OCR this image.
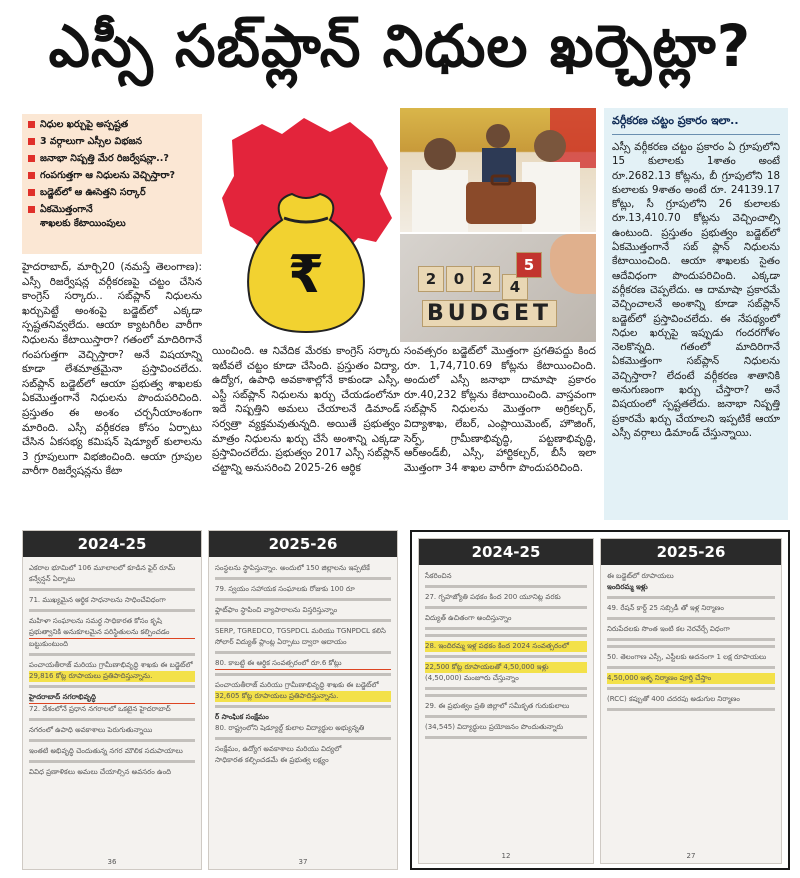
ఎస్సీ సబ్‌ప్లాన్ నిధుల ఖర్చెట్లా?
నిధుల ఖర్చుపై అస్పష్టత
3 వర్గాలుగా ఎస్సీల విభజన
జనాభా నిష్పత్తి మేర రిజర్వేషన్లా..?
గంపగుత్తగా ఆ నిధులను వెచ్చిస్తారా?
బడ్జెట్‌లో ఆ ఊసెత్తని సర్కార్
ఏకమొత్తంగానే
శాఖలకు కేటాయింపులు
₹	2	0	2	4
5
BUDGET
వర్గీకరణ చట్టం ప్రకారం ఇలా..

ఎస్సీ వర్గీకరణ చట్టం ప్రకారం ఏ గ్రూపులోని 15 కులాలకు 1శాతం అంటే రూ.2682.13 కోట్లను, బీ గ్రూపులోని 18 కులాలకు 9శాతం అంటే రూ. 24139.17 కోట్లు, సీ గ్రూపులోని 26 కులాలకు రూ.13,410.70 కోట్లను వెచ్చించాల్సి ఉంటుంది. ప్రస్తుతం ప్రభుత్వం బడ్జెట్‌లో ఏకమొత్తంగానే సబ్ ప్లాన్ నిధులను కేటాయించింది. ఆయా శాఖలకు సైతం ఆదేవిధంగా పొందుపరిచింది. ఎక్కడా వర్గీకరణ చెప్పలేదు. ఆ దామాషా ప్రకారమే వెచ్చించాలనే అంశాన్ని కూడా సబ్‌ప్లాన్ బడ్జెట్‌లో ప్రస్తావించలేదు. ఈ నేపథ్యంలో నిధుల ఖర్చుపై ఇప్పుడు గందరగోళం నెలకొన్నది. గతంలో మాదిరిగానే ఏకమొత్తంగా సబ్‌ప్లాన్ నిధులను వెచ్చిస్తారా? లేదంటే వర్గీకరణ శాతానికి అనుగుణంగా ఖర్చు చేస్తారా? అనే విషయంలో స్పష్టతలేదు. జనాభా నిష్పత్తి ప్రకారమే ఖర్చు చేయాలని ఇప్పటికే ఆయా ఎస్సీ వర్గాలు డిమాండ్ చేస్తున్నాయి.

హైదరాబాద్, మార్చి20 (నమస్తే తెలంగాణ): ఎస్సీ రిజర్వేషన్ల వర్గీకరణపై చట్టం చేసిన కాంగ్రెస్ సర్కారు.. సబ్‌ప్లాన్ నిధులను ఖర్చుపెట్టే అంశంపై బడ్జెట్‌లో ఎక్కడా స్పష్టతనివ్వలేదు. ఆయా క్యాటగిరీల వారీగా నిధులను కేటాయిస్తారా? గతంలో మాదిరిగానే గంపగుత్తగా వెచ్చిస్తారా? అనే విషయాన్ని కూడా లేశమాత్రమైనా ప్రస్తావించలేదు. సబ్‌ప్లాన్ బడ్జెట్‌లో ఆయా ప్రభుత్వ శాఖలకు ఏకమొత్తంగానే నిధులను పొందుపరిచింది. ప్రస్తుతం ఈ అంశం చర్చనీయాంశంగా మారింది. ఎస్సీ వర్గీకరణ కోసం ఏర్పాటు చేసిన ఏకసభ్య కమిషన్ షెడ్యూల్ కులాలను 3 గ్రూపులుగా విభజించింది. ఆయా గ్రూపుల వారీగా రిజర్వేషన్లను కేటా
యించింది. ఆ నివేదిక మేరకు కాంగ్రెస్ సర్కారు ఇటీవలే చట్టం కూడా చేసింది. ప్రస్తుతం విద్యా, ఉద్యోగ, ఉపాధి అవకాశాల్లోనే కాకుండా ఎస్సీ, ఎస్టీ సబ్‌ప్లాన్ నిధులను ఖర్చు చేయడంలోనూ ఇదే నిష్పత్తిని అమలు చేయాలనే డిమాండ్ సర్వత్రా వ్యక్తమవుతున్నది. అయితే ప్రభుత్వం మాత్రం నిధులను ఖర్చు చేసే అంశాన్ని ఎక్కడా ప్రస్తావించలేదు. ప్రభుత్వం 2017 ఎస్సీ సబ్‌ప్లాన్ చట్టాన్ని అనుసరించి 2025-26 ఆర్థిక
సంవత్సరం బడ్జెట్‌లో మొత్తంగా ప్రగతిపద్దు కింద రూ. 1,74,710.69 కోట్లను కేటాయించింది. అందులో ఎస్సీ జనాభా దామాషా ప్రకారం రూ.40,232 కోట్లను కేటాయించింది. వాస్తవంగా సబ్‌ప్లాన్ నిధులను మొత్తంగా అగ్రికల్చర్, విద్యాశాఖ, లేబర్, ఎంప్లాయిమెంట్, హౌజింగ్, సెర్ప్, గ్రామీణాభివృద్ధి, పట్టణాభివృద్ధి, ఆర్‌అండ్‌బీ, ఎస్సీ, హార్టికల్చర్, బీసీ ఇలా మొత్తంగా 34 శాఖల వారీగా పొందుపరిచింది.
2024-25
ఎకరాల భూమిలో 106 మూలాలలో కూడిన ఫైర్ రూమ్ కన్వేన్షన్ ఏర్పాటు
71. ముఖ్యమైన ఆర్థిక సాధనాలను సాధించేవిధంగా
మహిళా సంఘాలను సమర్థ సాధికారత కోసం కృషి
ప్రభుత్వానికి అనుకూలమైన పరిస్థితులను కల్పించడం
బట్టుకుంటుంది
పంచాయతీరాజ్ మరియు గ్రామీణాభివృద్ధి శాఖకు ఈ బడ్జెట్‌లో
29,816 కోట్ల రూపాయలు ప్రతిపాదిస్తున్నాను.
హైదరాబాద్ నగరాభివృద్ధి
72. దేశంలోనే ప్రధాన నగరాలలో ఒకటైన హైదరాబాద్
నగరంలో ఉపాధి అవకాశాలు పెరుగుతున్నాయి
ఇంతటి అభివృద్ధి చెందుతున్న నగర మౌలిక సదుపాయాలు
వివిధ ప్రణాళికలు అమలు చేయాల్సిన అవసరం ఉంది
36
2025-26
సంస్థలను స్థాపిస్తున్నాం. అందులో 150 జిల్లాలను ఇప్పటికే
79. స్వయం సహాయక సంఘాలకు రోజుకు 100 రూ
ఫ్లాట్‌ఫాం స్థాపించి వ్యాపారాలను విస్తరిస్తున్నాం
SERP, TGREDCO, TGSPDCL మరియు TGNPDCL కలిసి
సోలార్ విద్యుత్ ప్లాంట్ల ఏర్పాటు ద్వారా ఆదాయం
80. కాబట్టి ఈ ఆర్థిక సంవత్సరంలో రూ.6 కోట్లు
పంచాయతీరాజ్ మరియు గ్రామీణాభివృద్ధి శాఖకు ఈ బడ్జెట్‌లో
32,605 కోట్ల రూపాయలు ప్రతిపాదిస్తున్నాను.
ర్ సాంఘిక సంక్షేమం
80. రాష్ట్రంలోని షెడ్యూల్డ్ కులాల విద్యార్థుల అభ్యున్నతి
సంక్షేమం, ఉద్యోగ అవకాశాలు మరియు విద్యలో
సాధికారత కల్పించడమే ఈ ప్రభుత్వ లక్ష్యం
37
2024-25
సేకరించిన
27. గృహజ్యోతి పథకం కింద 200 యూనిట్ల వరకు
విద్యుత్ ఉచితంగా అందిస్తున్నాం
28. ఇందిరమ్మ ఇళ్ల పథకం కింద 2024 సంవత్సరంలో
22,500 కోట్ల రూపాయలతో 4,50,000 ఇళ్లు
(4,50,000) మంజూరు చేస్తున్నాం
29. ఈ ప్రభుత్వం ప్రతి జిల్లాలో సమీకృత గురుకులాలు
(34,545) విద్యార్థులు ప్రయోజనం పొందుతున్నారు
12
2025-26
ఈ బడ్జెట్‌లో రూపాయలు
ఇందిరమ్మ ఇళ్లు
49. రేషన్ కార్డ్ 25 సబ్సిడీ తో ఇళ్ల నిర్మాణం
నిరుపేదలకు సొంత ఇంటి కల నెరవేర్చే విధంగా
50. తెలంగాణ ఎస్సీ, ఎస్టీలకు అదనంగా 1 లక్ష రూపాయలు
4,50,000 ఇళ్ళ నిర్మాణం పూర్తి చేస్తాం
(RCC) కప్పుతో 400 చదరపు అడుగుల నిర్మాణం
27
